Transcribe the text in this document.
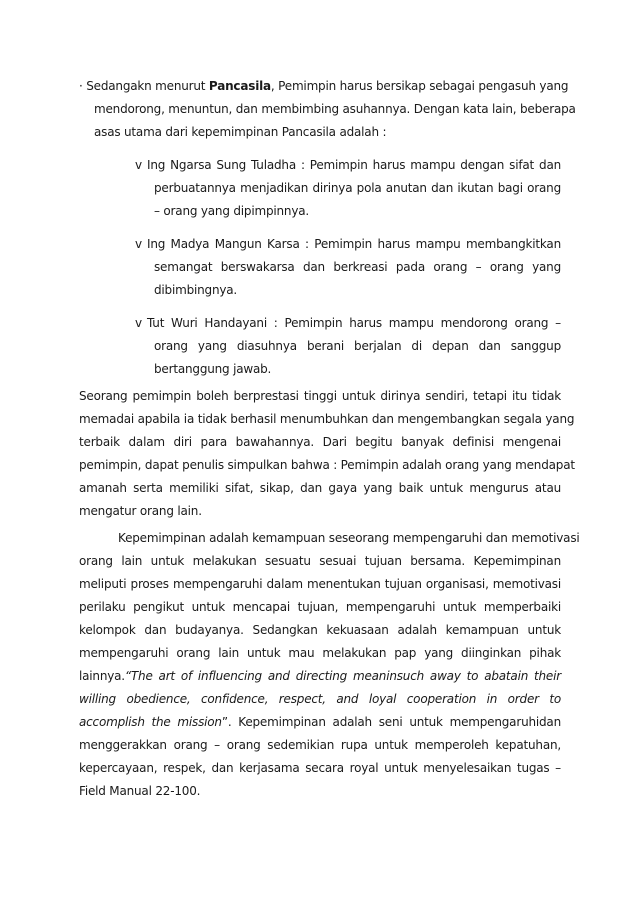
· Sedangakn menurut Pancasila, Pemimpin harus bersikap sebagai pengasuh yang
mendorong, menuntun, dan membimbing asuhannya. Dengan kata lain, beberapa
asas utama dari kepemimpinan Pancasila adalah :
v Ing Ngarsa Sung Tuladha : Pemimpin harus mampu dengan sifat dan
perbuatannya menjadikan dirinya pola anutan dan ikutan bagi orang
– orang yang dipimpinnya.
v Ing Madya Mangun Karsa : Pemimpin harus mampu membangkitkan
semangat berswakarsa dan berkreasi pada orang – orang yang
dibimbingnya.
v Tut Wuri Handayani : Pemimpin harus mampu mendorong orang –
orang yang diasuhnya berani berjalan di depan dan sanggup
bertanggung jawab.
Seorang pemimpin boleh berprestasi tinggi untuk dirinya sendiri, tetapi itu tidak
memadai apabila ia tidak berhasil menumbuhkan dan mengembangkan segala yang
terbaik dalam diri para bawahannya. Dari begitu banyak definisi mengenai
pemimpin, dapat penulis simpulkan bahwa : Pemimpin adalah orang yang mendapat
amanah serta memiliki sifat, sikap, dan gaya yang baik untuk mengurus atau
mengatur orang lain.
Kepemimpinan adalah kemampuan seseorang mempengaruhi dan memotivasi
orang lain untuk melakukan sesuatu sesuai tujuan bersama. Kepemimpinan
meliputi proses mempengaruhi dalam menentukan tujuan organisasi, memotivasi
perilaku pengikut untuk mencapai tujuan, mempengaruhi untuk memperbaiki
kelompok dan budayanya. Sedangkan kekuasaan adalah kemampuan untuk
mempengaruhi orang lain untuk mau melakukan pap yang diinginkan pihak
lainnya.“The art of influencing and directing meaninsuch away to abatain their
willing obedience, confidence, respect, and loyal cooperation in order to
accomplish the mission”. Kepemimpinan adalah seni untuk mempengaruhidan
menggerakkan orang – orang sedemikian rupa untuk memperoleh kepatuhan,
kepercayaan, respek, dan kerjasama secara royal untuk menyelesaikan tugas –
Field Manual 22-100.
